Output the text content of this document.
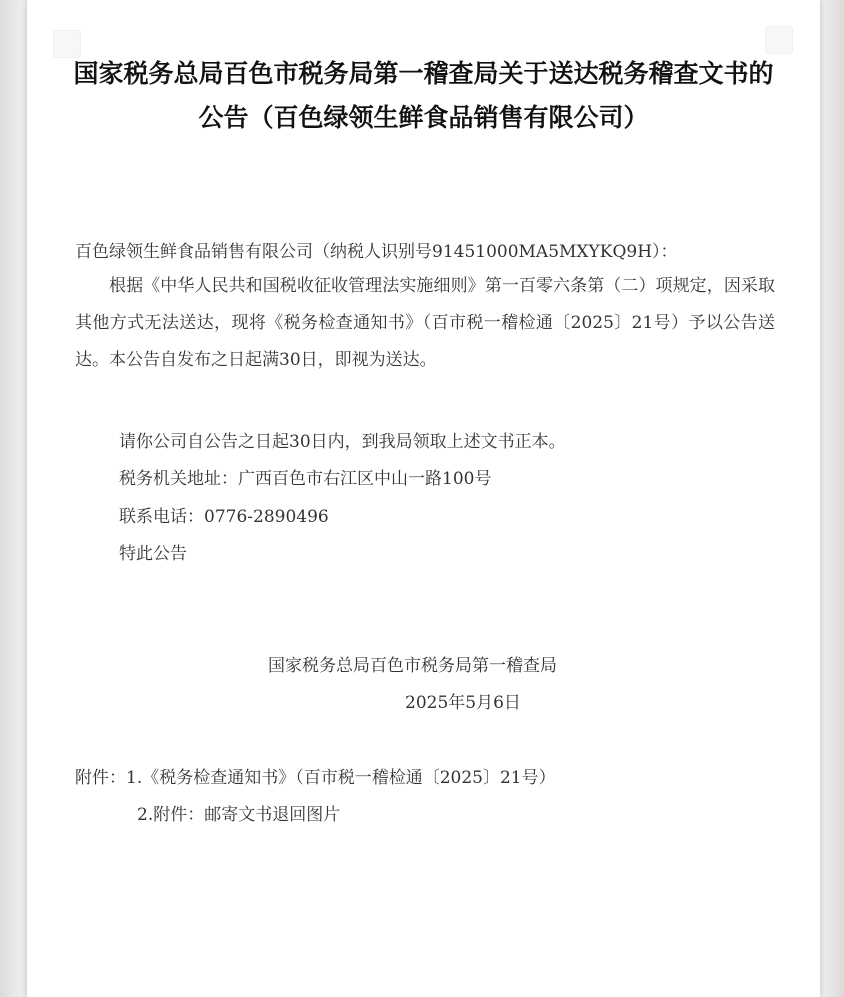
国家税务总局百色市税务局第一稽查局关于送达税务稽查文书的公告（百色绿领生鲜食品销售有限公司）
百色绿领生鲜食品销售有限公司（纳税人识别号91451000MA5MXYKQ9H）：
根据《中华人民共和国税收征收管理法实施细则》第一百零六条第（二）项规定，因采取其他方式无法送达，现将《税务检查通知书》（百市税一稽检通〔2025〕21号）予以公告送达。本公告自发布之日起满30日，即视为送达。
请你公司自公告之日起30日内，到我局领取上述文书正本。
税务机关地址：广西百色市右江区中山一路100号
联系电话：0776-2890496
特此公告
国家税务总局百色市税务局第一稽查局
2025年5月6日
附件：1.《税务检查通知书》（百市税一稽检通〔2025〕21号）
2.附件：邮寄文书退回图片
